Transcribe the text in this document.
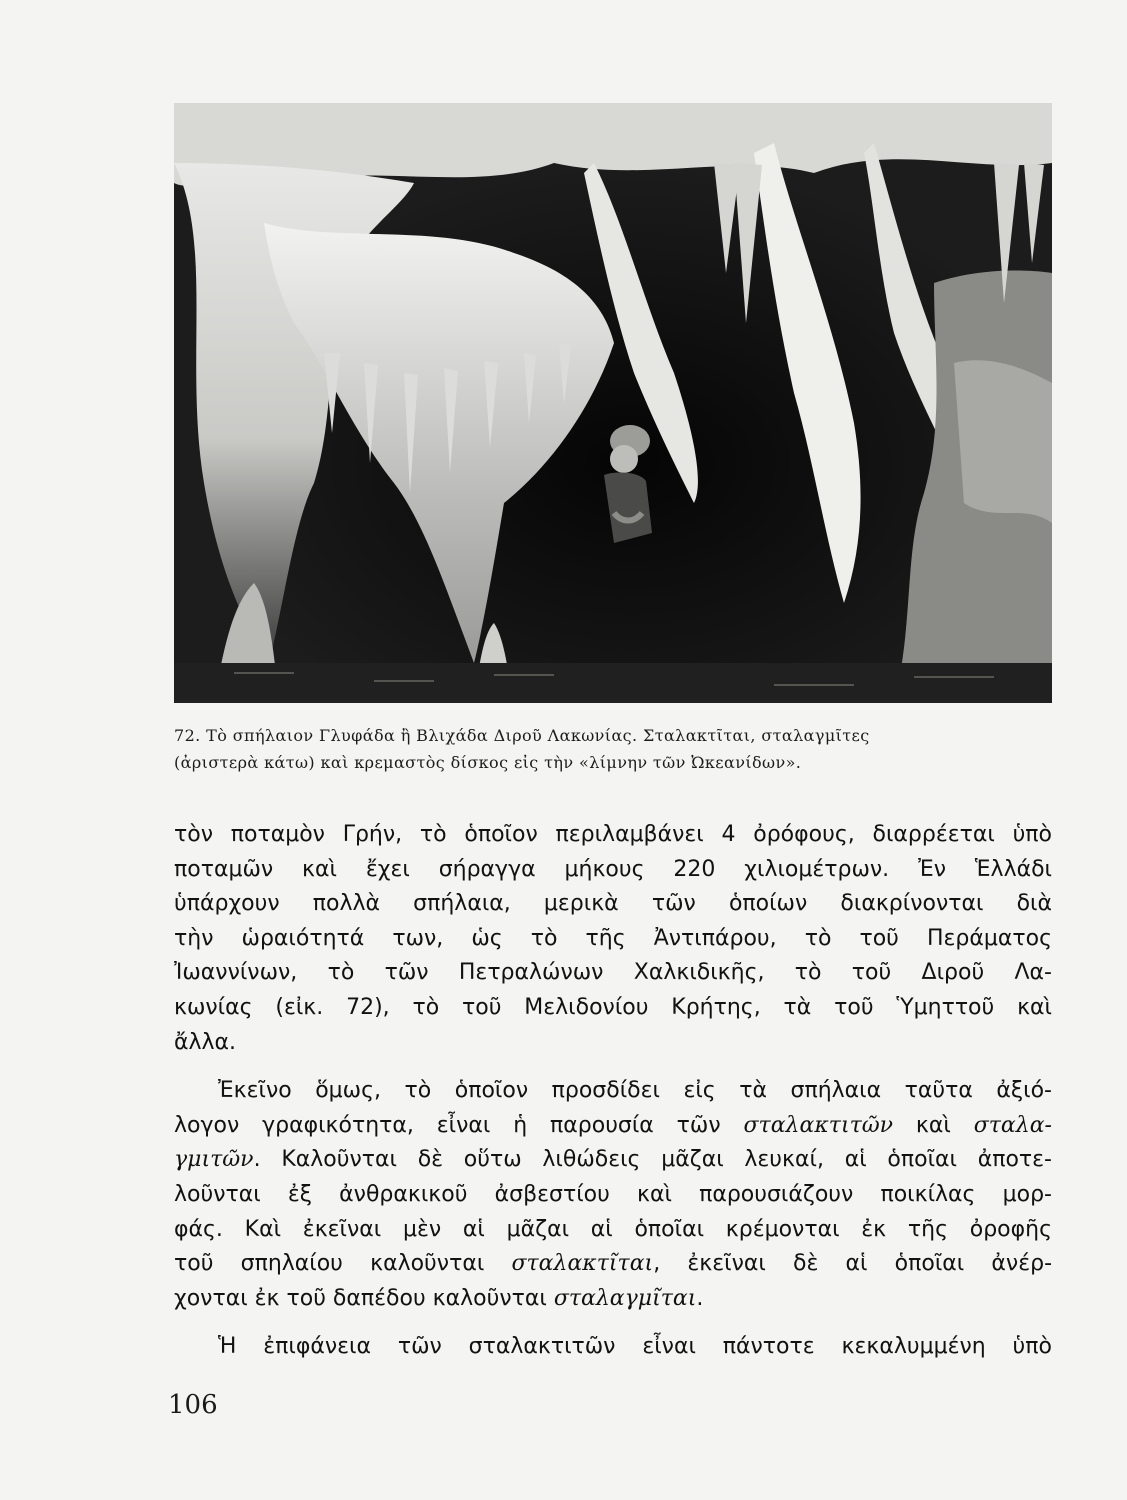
72. Τὸ σπήλαιον Γλυφάδα ἢ Βλιχάδα Διροῦ Λακωνίας. Σταλακτῖται, σταλαγμῖτες

(ἀριστερὰ κάτω) καὶ κρεμαστὸς δίσκος εἰς τὴν «λίμνην τῶν Ὠκεανίδων».

τὸν ποταμὸν Γρήν, τὸ ὁποῖον περιλαμβάνει 4 ὀρόφους, διαρρέεται ὑπὸ

ποταμῶν καὶ ἔχει σήραγγα μήκους 220 χιλιομέτρων. Ἐν Ἑλλάδι

ὑπάρχουν πολλὰ σπήλαια, μερικὰ τῶν ὁποίων διακρίνονται διὰ

τὴν ὡραιότητά των, ὡς τὸ τῆς Ἀντιπάρου, τὸ τοῦ Περάματος

Ἰωαννίνων, τὸ τῶν Πετραλώνων Χαλκιδικῆς, τὸ τοῦ Διροῦ Λα-

κωνίας (εἰκ. 72), τὸ τοῦ Μελιδονίου Κρήτης, τὰ τοῦ Ὑμηττοῦ καὶ

ἄλλα.

Ἐκεῖνο ὅμως, τὸ ὁποῖον προσδίδει εἰς τὰ σπήλαια ταῦτα ἀξιό-

λογον γραφικότητα, εἶναι ἡ παρουσία τῶν σταλακτιτῶν καὶ σταλα-

γμιτῶν. Καλοῦνται δὲ οὕτω λιθώδεις μᾶζαι λευκαί, αἱ ὁποῖαι ἀποτε-

λοῦνται ἐξ ἀνθρακικοῦ ἀσβεστίου καὶ παρουσιάζουν ποικίλας μορ-

φάς. Καὶ ἐκεῖναι μὲν αἱ μᾶζαι αἱ ὁποῖαι κρέμονται ἐκ τῆς ὀροφῆς

τοῦ σπηλαίου καλοῦνται σταλακτῖται, ἐκεῖναι δὲ αἱ ὁποῖαι ἀνέρ-

χονται ἐκ τοῦ δαπέδου καλοῦνται σταλαγμῖται.

Ἡ ἐπιφάνεια τῶν σταλακτιτῶν εἶναι πάντοτε κεκαλυμμένη ὑπὸ

106
